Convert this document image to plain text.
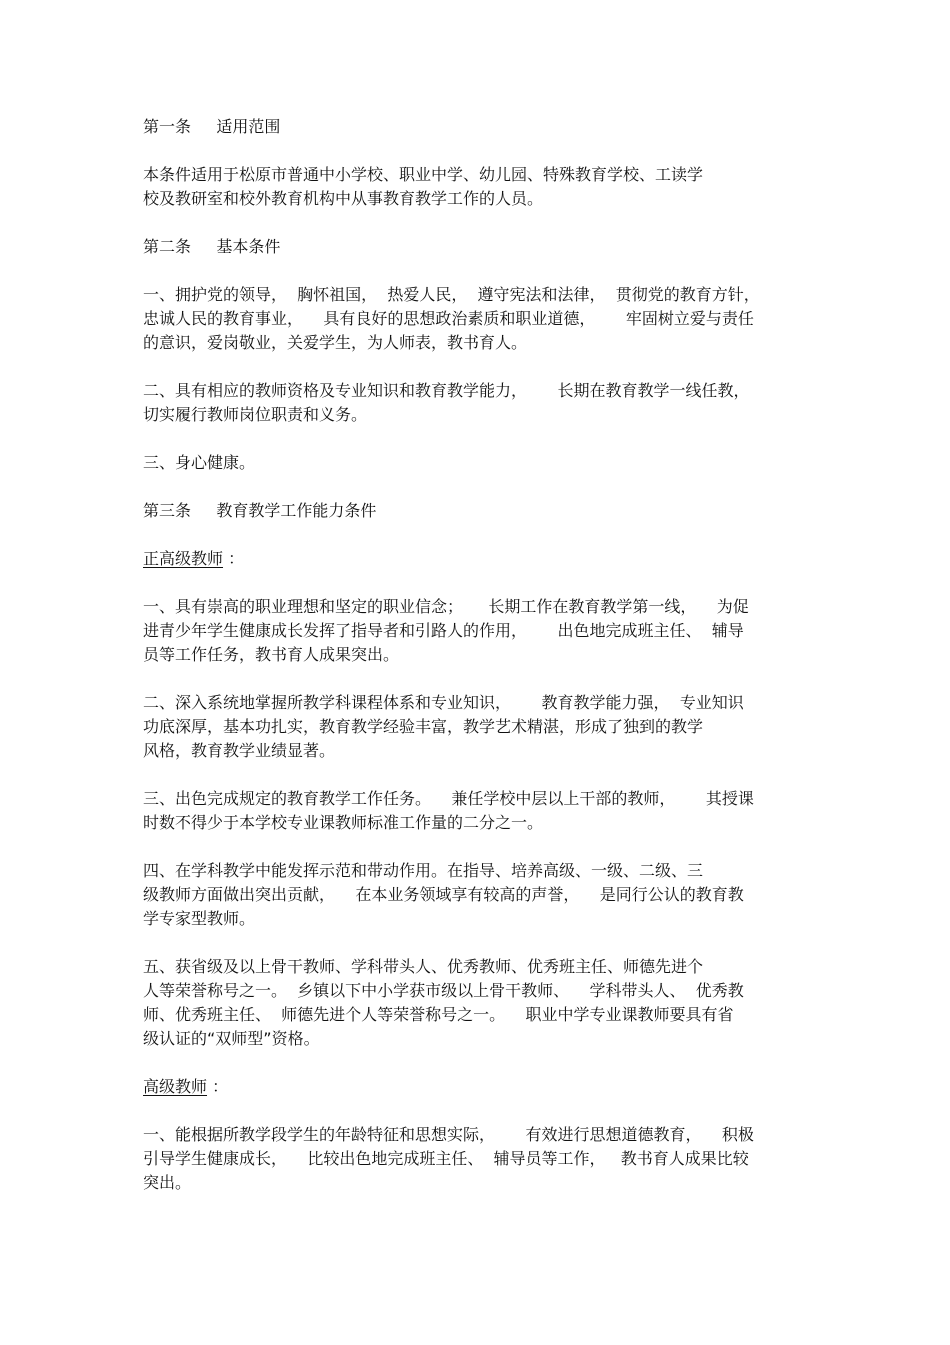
第一条     适用范围
本条件适用于松原市普通中小学校、职业中学、幼儿园、特殊教育学校、工读学
校及教研室和校外教育机构中从事教育教学工作的人员。
第二条     基本条件
一、拥护党的领导，  胸怀祖国，  热爱人民，  遵守宪法和法律，  贯彻党的教育方针，
忠诚人民的教育事业，    具有良好的思想政治素质和职业道德，      牢固树立爱与责任
的意识，爱岗敬业，关爱学生，为人师表，教书育人。
二、具有相应的教师资格及专业知识和教育教学能力，      长期在教育教学一线任教，
切实履行教师岗位职责和义务。
三、身心健康。
第三条     教育教学工作能力条件
正高级教师 ：
一、具有崇高的职业理想和坚定的职业信念；     长期工作在教育教学第一线，    为促
进青少年学生健康成长发挥了指导者和引路人的作用，      出色地完成班主任、  辅导
员等工作任务，教书育人成果突出。
二、深入系统地掌握所教学科课程体系和专业知识，      教育教学能力强，  专业知识
功底深厚，基本功扎实，教育教学经验丰富，教学艺术精湛，形成了独到的教学
风格，教育教学业绩显著。
三、出色完成规定的教育教学工作任务。    兼任学校中层以上干部的教师，      其授课
时数不得少于本学校专业课教师标准工作量的二分之一。
四、在学科教学中能发挥示范和带动作用。在指导、培养高级、一级、二级、三
级教师方面做出突出贡献，    在本业务领域享有较高的声誉，    是同行公认的教育教
学专家型教师。
五、获省级及以上骨干教师、学科带头人、优秀教师、优秀班主任、师德先进个
人等荣誉称号之一。  乡镇以下中小学获市级以上骨干教师、    学科带头人、  优秀教
师、优秀班主任、  师德先进个人等荣誉称号之一。    职业中学专业课教师要具有省
级认证的“双师型”资格。
高级教师 ：
一、能根据所教学段学生的年龄特征和思想实际，      有效进行思想道德教育，    积极
引导学生健康成长，    比较出色地完成班主任、  辅导员等工作，   教书育人成果比较
突出。
